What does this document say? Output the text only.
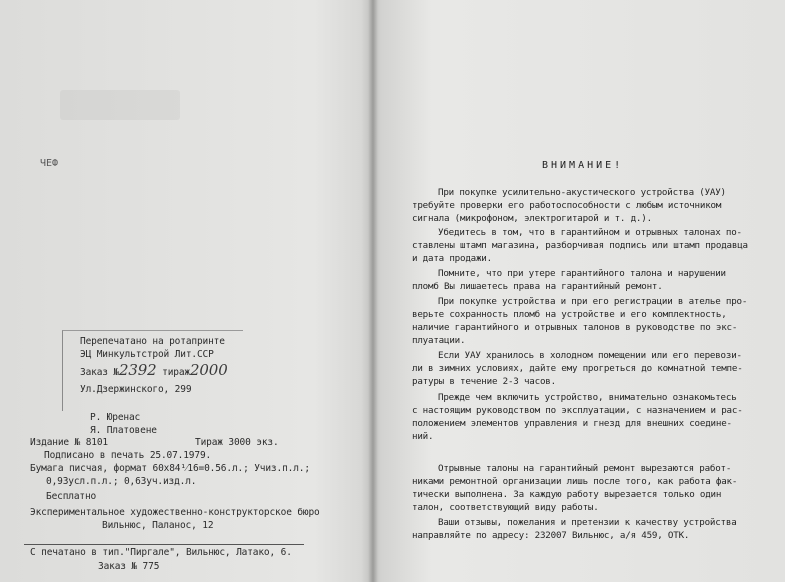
ЧЕФ
Перепечатано на ротапринте
ЭЦ Минкультстрой Лит.ССР
Заказ №2392 тираж2000
Ул.Дзержинского, 299
Р. Юренас
Я. Платовене
Издание № 8101	Тираж 3000 экз.
Подписано в печать 25.07.1979.
Бумага писчая, формат 60х84¹⁄16=0.56.л.; Учиз.п.л.;
0,93усл.п.л.; 0,63уч.изд.л.
Бесплатно
Экспериментальное художественно-конструкторское бюро
Вильнюс, Паланос, 12
С печатано в тип."Пиргале", Вильнюс, Латако, 6.
Заказ № 775
ВНИМАНИЕ!
При покупке усилительно-акустического устройства (УАУ)
требуйте проверки его работоспособности с любым источником
сигнала (микрофоном, электрогитарой и т. д.).
Убедитесь в том, что в гарантийном и отрывных талонах по-
ставлены штамп магазина, разборчивая подпись или штамп продавца
и дата продажи.
Помните, что при утере гарантийного талона и нарушении
пломб Вы лишаетесь права на гарантийный ремонт.
При покупке устройства и при его регистрации в ателье про-
верьте сохранность пломб на устройстве и его комплектность,
наличие гарантийного и отрывных талонов в руководстве по экс-
плуатации.
Если УАУ хранилось в холодном помещении или его перевози-
ли в зимних условиях, дайте ему прогреться до комнатной темпе-
ратуры в течение 2-3 часов.
Прежде чем включить устройство, внимательно ознакомьтесь
с настоящим руководством по эксплуатации, с назначением и рас-
положением элементов управления и гнезд для внешних соедине-
ний.
Отрывные талоны на гарантийный ремонт вырезаются работ-
никами ремонтной организации лишь после того, как работа фак-
тически выполнена. За каждую работу вырезается только один
талон, соответствующий виду работы.
Ваши отзывы, пожелания и претензии к качеству устройства
направляйте по адресу: 232007 Вильнюс, а/я 459, ОТК.
